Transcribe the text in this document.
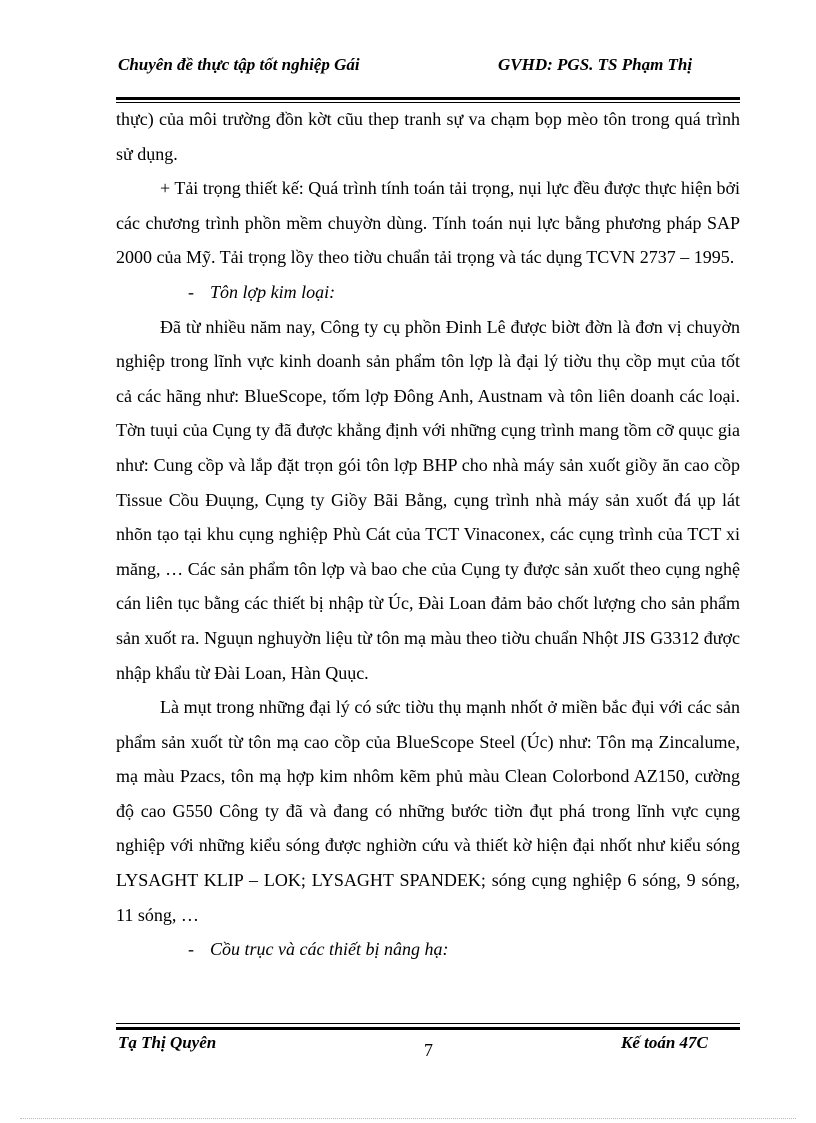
Chuyên đề thực tập tốt nghiệp Gái	GVHD: PGS. TS Phạm Thị

thực) của môi trường đồn kờt cũu thep tranh sự va chạm bọp mèo tôn trong quá trình sử dụng.

+ Tải trọng thiết kế: Quá trình tính toán tải trọng, nụi lực đều được thực hiện bởi các chương trình phồn mềm chuyờn dùng. Tính toán nụi lực bằng phương pháp SAP 2000 của Mỹ. Tải trọng lồy theo tiờu chuẩn tải trọng và tác dụng TCVN 2737 – 1995.

- Tôn lợp kim loại:

Đã từ nhiều năm nay, Công ty cụ phồn Đinh Lê được biờt đờn là đơn vị chuyờn nghiệp trong lĩnh vực kinh doanh sản phẩm tôn lợp là đại lý tiờu thụ cồp mụt của tốt cả các hãng như: BlueScope, tốm lợp Đông Anh, Austnam và tôn liên doanh các loại. Tờn tuụi của Cụng ty đã được khẳng định với những cụng trình mang tồm cỡ quục gia như: Cung cồp và lắp đặt trọn gói tôn lợp BHP cho nhà máy sản xuốt giồy ăn cao cồp Tissue Cồu Đuụng, Cụng ty Giồy Bãi Bằng, cụng trình nhà máy sản xuốt đá ụp lát nhõn tạo tại khu cụng nghiệp Phù Cát của TCT Vinaconex, các cụng trình của TCT xi măng, … Các sản phẩm tôn lợp và bao che của Cụng ty được sản xuốt theo cụng nghệ cán liên tục bằng các thiết bị nhập từ Úc, Đài Loan đảm bảo chốt lượng cho sản phẩm sản xuốt ra. Nguụn nghuyờn liệu từ tôn mạ màu theo tiờu chuẩn Nhột JIS G3312 được nhập khẩu từ Đài Loan, Hàn Quục.

Là mụt trong những đại lý có sức tiờu thụ mạnh nhốt ở miền bắc đụi với các sản phẩm sản xuốt từ tôn mạ cao cồp của BlueScope Steel (Úc) như: Tôn mạ Zincalume, mạ màu Pzacs, tôn mạ hợp kim nhôm kẽm phủ màu Clean Colorbond AZ150, cường độ cao G550 Công ty đã và đang có những bước tiờn đụt phá trong lĩnh vực cụng nghiệp với những kiểu sóng được nghiờn cứu và thiết kờ hiện đại nhốt như kiểu sóng LYSAGHT KLIP – LOK; LYSAGHT SPANDEK; sóng cụng nghiệp 6 sóng, 9 sóng, 11 sóng, …

- Cồu trục và các thiết bị nâng hạ:

Tạ Thị Quyên	7	Kế toán 47C
